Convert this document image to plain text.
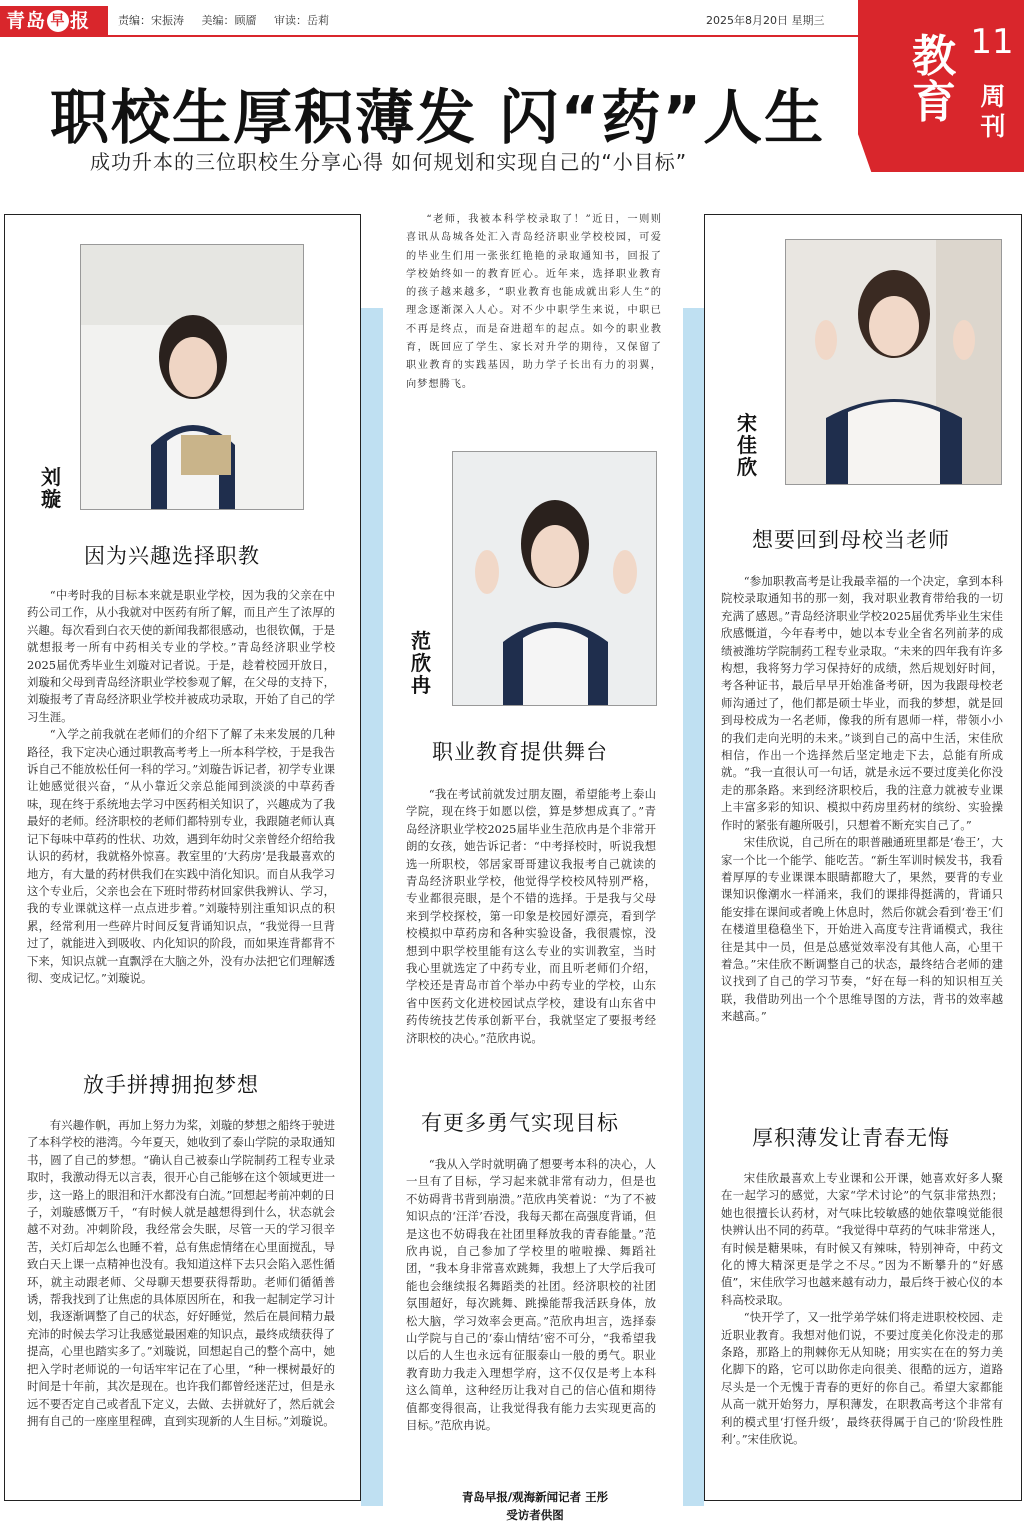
青岛 早 报	责编：宋振涛 美编：顾靥 审读：岳莉	2025年8月20日 星期三
教育
11
周刊
职校生厚积薄发 闪“药”人生
成功升本的三位职校生分享心得 如何规划和实现自己的“小目标”

“老师，我被本科学校录取了！”近日，一则则喜讯从岛城各处汇入青岛经济职业学校校园，可爱的毕业生们用一张张红艳艳的录取通知书，回报了学校始终如一的教育匠心。近年来，选择职业教育的孩子越来越多，“职业教育也能成就出彩人生”的理念逐渐深入人心。对不少中职学生来说，中职已不再是终点，而是奋进超车的起点。如今的职业教育，既回应了学生、家长对升学的期待，又保留了职业教育的实践基因，助力学子长出有力的羽翼，向梦想腾飞。

刘
璇
因为兴趣选择职教

“中考时我的目标本来就是职业学校，因为我的父亲在中药公司工作，从小我就对中医药有所了解，而且产生了浓厚的兴趣。每次看到白衣天使的新闻我都很感动，也很钦佩，于是就想报考一所有中药相关专业的学校。”青岛经济职业学校2025届优秀毕业生刘璇对记者说。于是，趁着校园开放日，刘璇和父母到青岛经济职业学校参观了解，在父母的支持下，刘璇报考了青岛经济职业学校并被成功录取，开始了自己的学习生涯。

“入学之前我就在老师们的介绍下了解了未来发展的几种路径，我下定决心通过职教高考考上一所本科学校，于是我告诉自己不能放松任何一科的学习。”刘璇告诉记者，初学专业课让她感觉很兴奋，“从小靠近父亲总能闻到淡淡的中草药香味，现在终于系统地去学习中医药相关知识了，兴趣成为了我最好的老师。经济职校的老师们都特别专业，我跟随老师认真记下每味中草药的性状、功效，遇到年幼时父亲曾经介绍给我认识的药材，我就格外惊喜。教室里的‘大药房’是我最喜欢的地方，有大量的药材供我们在实践中消化知识。而自从我学习这个专业后，父亲也会在下班时带药材回家供我辨认、学习，我的专业课就这样一点点进步着。”刘璇特别注重知识点的积累，经常利用一些碎片时间反复背诵知识点，“我觉得一旦背过了，就能进入到吸收、内化知识的阶段，而如果连背都背不下来，知识点就一直飘浮在大脑之外，没有办法把它们理解透彻、变成记忆。”刘璇说。

放手拼搏拥抱梦想

有兴趣作帆，再加上努力为桨，刘璇的梦想之船终于驶进了本科学校的港湾。今年夏天，她收到了泰山学院的录取通知书，圆了自己的梦想。“确认自己被泰山学院制药工程专业录取时，我激动得无以言表，很开心自己能够在这个领域更进一步，这一路上的眼泪和汗水都没有白流。”回想起考前冲刺的日子，刘璇感慨万千，“有时候人就是越想得到什么，状态就会越不对劲。冲刺阶段，我经常会失眠，尽管一天的学习很辛苦，关灯后却怎么也睡不着，总有焦虑情绪在心里面搅乱，导致白天上课一点精神也没有。我知道这样下去只会陷入恶性循环，就主动跟老师、父母聊天想要获得帮助。老师们循循善诱，帮我找到了让焦虑的具体原因所在，和我一起制定学习计划，我逐渐调整了自己的状态，好好睡觉，然后在晨间精力最充沛的时候去学习让我感觉最困难的知识点，最终成绩获得了提高，心里也踏实多了。”刘璇说，回想起自己的整个高中，她把入学时老师说的一句话牢牢记在了心里，“种一棵树最好的时间是十年前，其次是现在。也许我们都曾经迷茫过，但是永远不要否定自己或者乱下定义，去做、去拼就好了，然后就会拥有自己的一座座里程碑，直到实现新的人生目标。”刘璇说。

范
欣
冉
职业教育提供舞台

“我在考试前就发过朋友圈，希望能考上泰山学院，现在终于如愿以偿，算是梦想成真了。”青岛经济职业学校2025届毕业生范欣冉是个非常开朗的女孩，她告诉记者：“中考择校时，听说我想选一所职校，邻居家哥哥建议我报考自己就读的青岛经济职业学校，他觉得学校校风特别严格，专业都很亮眼，是个不错的选择。于是我与父母来到学校探校，第一印象是校园好漂亮，看到学校模拟中草药房和各种实验设备，我很震惊，没想到中职学校里能有这么专业的实训教室，当时我心里就选定了中药专业，而且听老师们介绍，学校还是青岛市首个举办中药专业的学校，山东省中医药文化进校园试点学校，建设有山东省中药传统技艺传承创新平台，我就坚定了要报考经济职校的决心。”范欣冉说。

有更多勇气实现目标

“我从入学时就明确了想要考本科的决心，人一旦有了目标，学习起来就非常有动力，但是也不妨碍背书背到崩溃。”范欣冉笑着说：“为了不被知识点的‘汪洋’吞没，我每天都在高强度背诵，但是这也不妨碍我在社团里释放我的青春能量。”范欣冉说，自己参加了学校里的啦啦操、舞蹈社团，“我本身非常喜欢跳舞，我想上了大学后我可能也会继续报名舞蹈类的社团。经济职校的社团氛围超好，每次跳舞、跳操能帮我活跃身体，放松大脑，学习效率会更高。”范欣冉坦言，选择泰山学院与自己的‘泰山情结’密不可分，“我希望我以后的人生也永远有征服泰山一般的勇气。职业教育助力我走入理想学府，这不仅仅是考上本科这么简单，这种经历让我对自己的信心值和期待值都变得很高，让我觉得我有能力去实现更高的目标。”范欣冉说。

宋
佳
欣
想要回到母校当老师

“参加职教高考是让我最幸福的一个决定，拿到本科院校录取通知书的那一刻，我对职业教育带给我的一切充满了感恩。”青岛经济职业学校2025届优秀毕业生宋佳欣感慨道，今年春考中，她以本专业全省名列前茅的成绩被潍坊学院制药工程专业录取。“未来的四年我有许多构想，我将努力学习保持好的成绩，然后规划好时间，考各种证书，最后早早开始准备考研，因为我跟母校老师沟通过了，他们都是硕士毕业，而我的梦想，就是回到母校成为一名老师，像我的所有恩师一样，带领小小的我们走向光明的未来。”谈到自己的高中生活，宋佳欣相信，作出一个选择然后坚定地走下去，总能有所成就。“我一直很认可一句话，就是永远不要过度美化你没走的那条路。来到经济职校后，我的注意力就被专业课上丰富多彩的知识、模拟中药房里药材的缤纷、实验操作时的紧张有趣所吸引，只想着不断充实自己了。”

宋佳欣说，自己所在的职普融通班里都是‘卷王’，大家一个比一个能学、能吃苦。“新生军训时候发书，我看着厚厚的专业课课本眼睛都瞪大了，果然，要背的专业课知识像潮水一样涌来，我们的课排得挺满的，背诵只能安排在课间或者晚上休息时，然后你就会看到‘卷王’们在楼道里稳稳坐下，开始进入高度专注背诵模式，我往往是其中一员，但是总感觉效率没有其他人高，心里干着急。”宋佳欣不断调整自己的状态，最终结合老师的建议找到了自己的学习节奏，“好在每一科的知识相互关联，我借助列出一个个思维导图的方法，背书的效率越来越高。”

厚积薄发让青春无悔

宋佳欣最喜欢上专业课和公开课，她喜欢好多人聚在一起学习的感觉，大家“学术讨论”的气氛非常热烈；她也很擅长认药材，对气味比较敏感的她依靠嗅觉能很快辨认出不同的药草。“我觉得中草药的气味非常迷人，有时候是糖果味，有时候又有辣味，特别神奇，中药文化的博大精深更是学之不尽。”因为不断攀升的“好感值”，宋佳欣学习也越来越有动力，最后终于被心仪的本科高校录取。

“快开学了，又一批学弟学妹们将走进职校校园、走近职业教育。我想对他们说，不要过度美化你没走的那条路，那路上的荆棘你无从知晓；用实实在在的努力美化脚下的路，它可以助你走向很美、很酷的远方，道路尽头是一个无愧于青春的更好的你自己。希望大家都能从高一就开始努力，厚积薄发，在职教高考这个非常有利的模式里‘打怪升级’，最终获得属于自己的‘阶段性胜利’。”宋佳欣说。

青岛早报/观海新闻记者 王彤
受访者供图
